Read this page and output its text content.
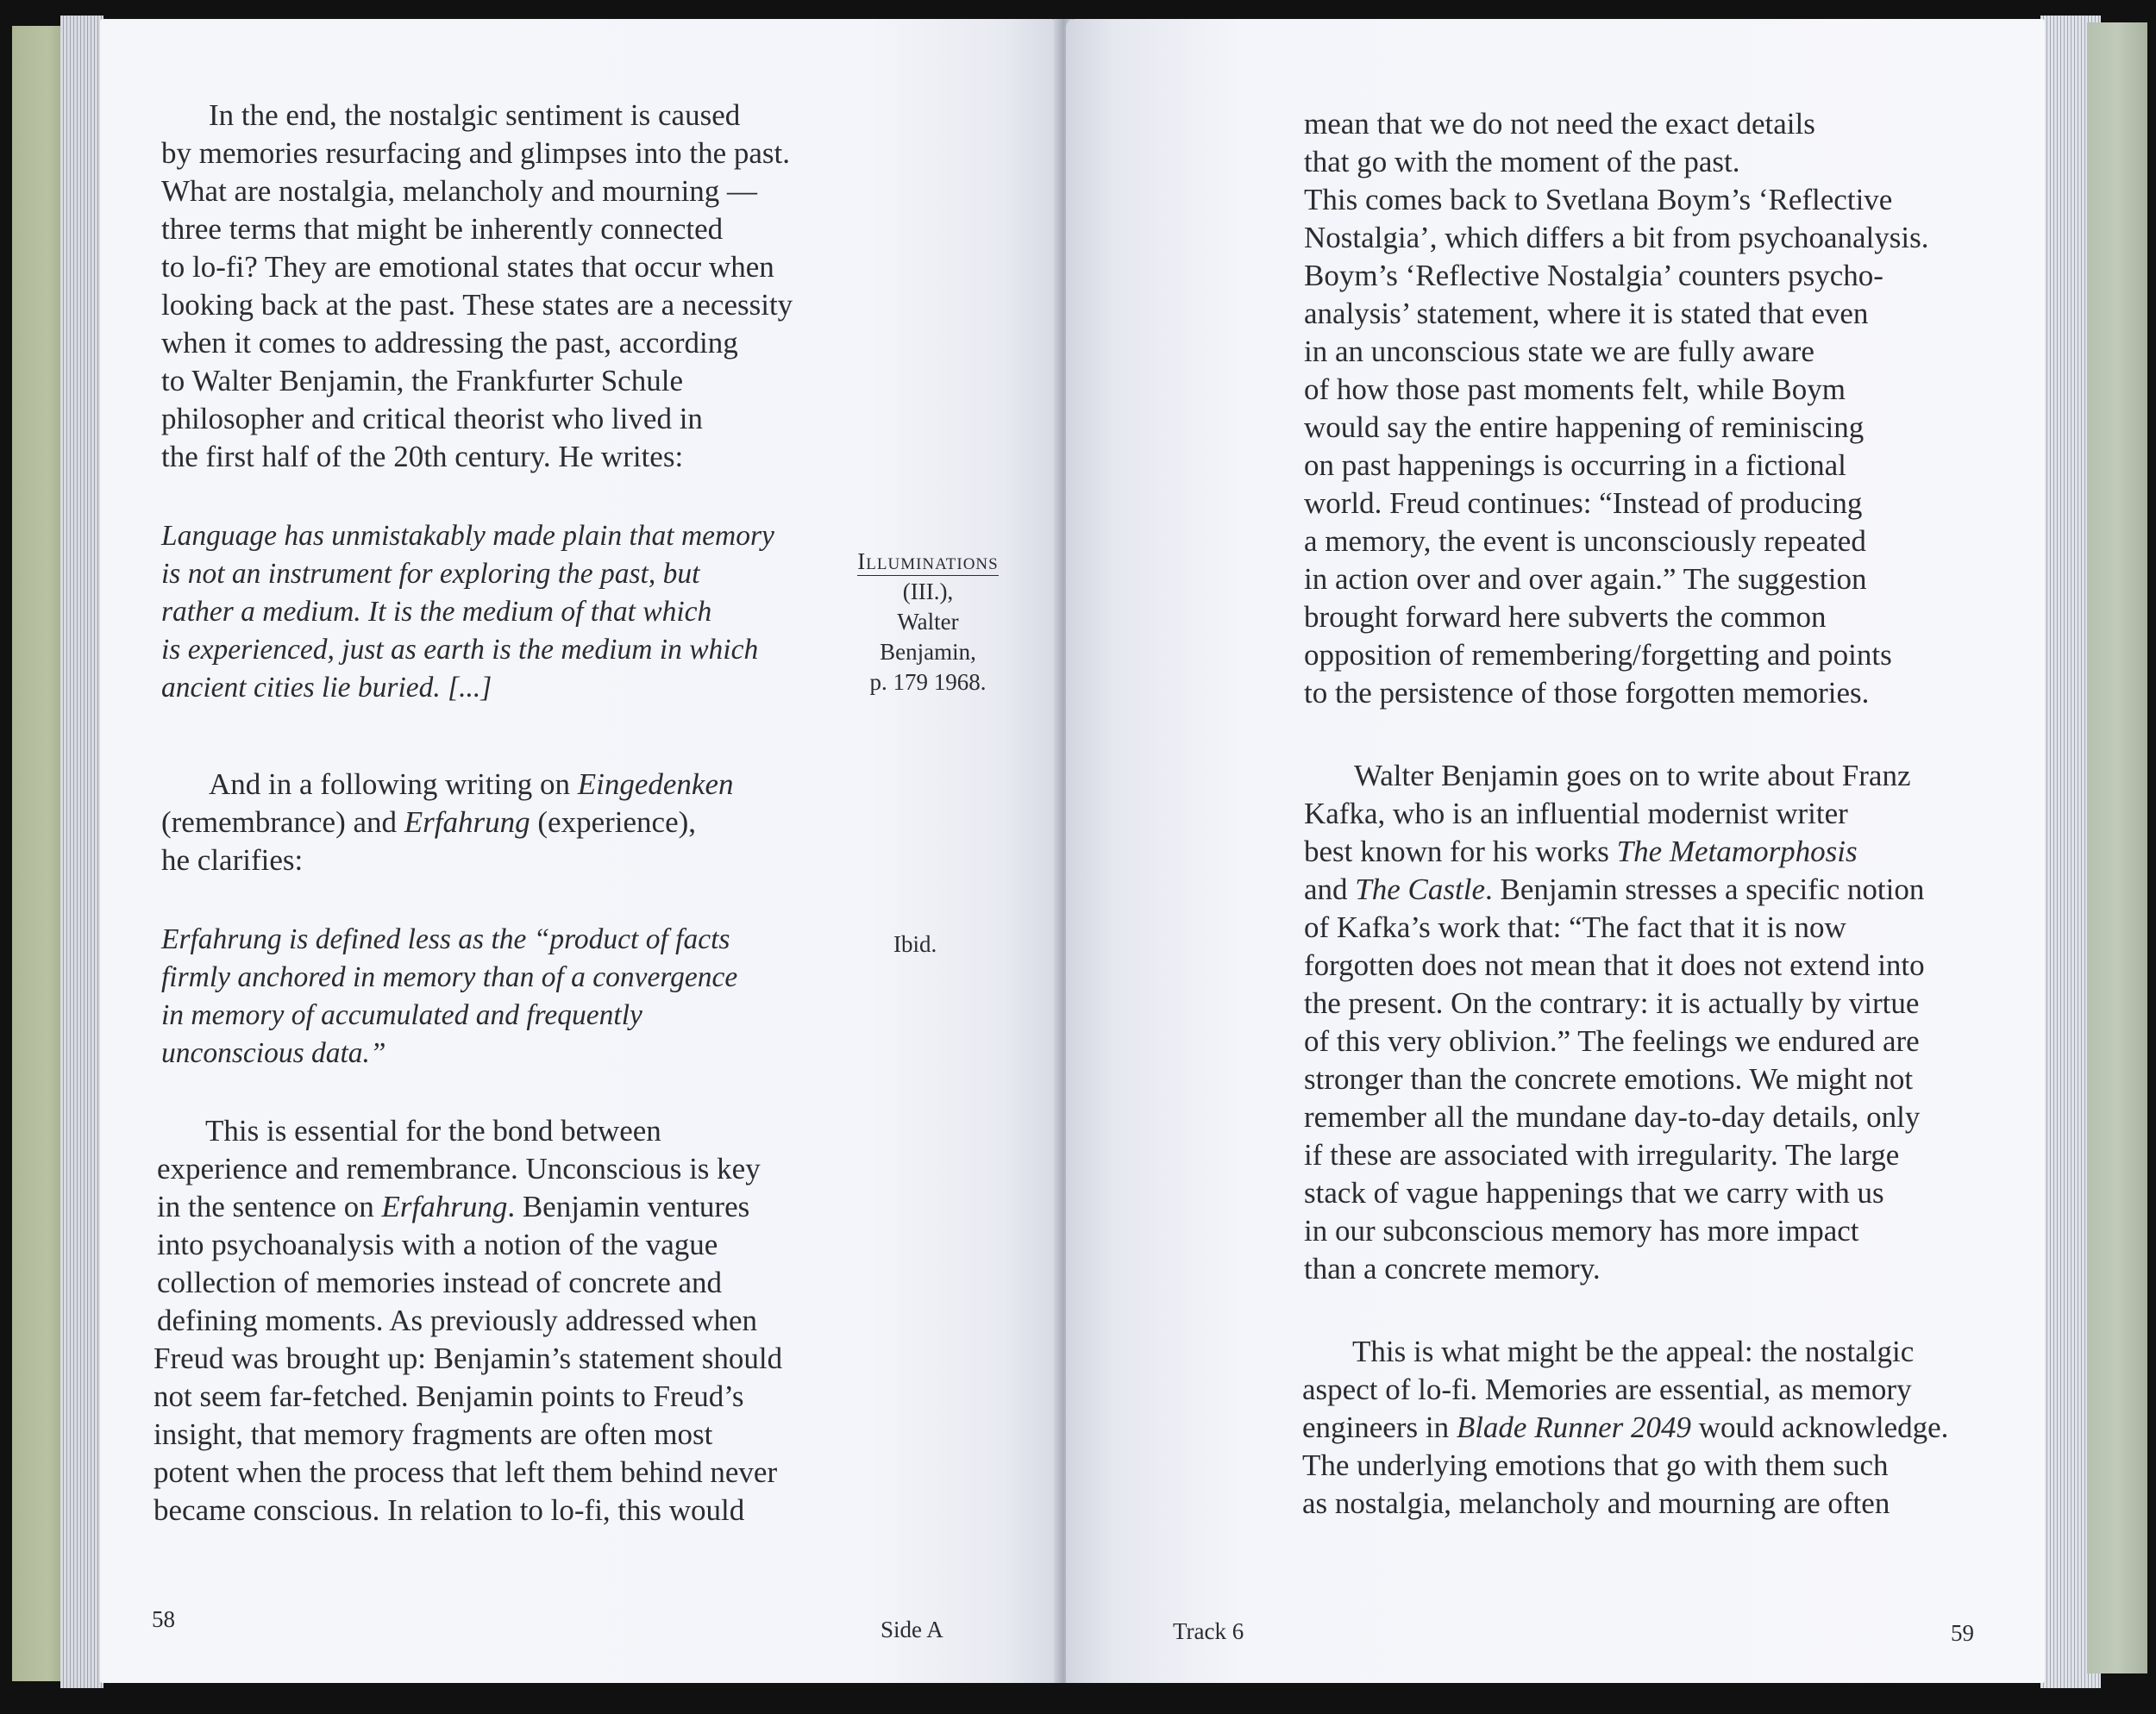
In the end, the nostalgic sentiment is caused
by memories resurfacing and glimpses into the past.
What are nostalgia, melancholy and mourning —
three terms that might be inherently connected
to lo-fi? They are emotional states that occur when
looking back at the past. These states are a necessity
when it comes to addressing the past, according
to Walter Benjamin, the Frankfurter Schule
philosopher and critical theorist who lived in
the first half of the 20th century. He writes:
Language has unmistakably made plain that memory
is not an instrument for exploring the past, but
rather a medium. It is the medium of that which
is experienced, just as earth is the medium in which
ancient cities lie buried. [...]
And in a following writing on Eingedenken
(remembrance) and Erfahrung (experience),
he clarifies:
Erfahrung is defined less as the “product of facts
firmly anchored in memory than of a convergence
in memory of accumulated and frequently
unconscious data.”
This is essential for the bond between
experience and remembrance. Unconscious is key
in the sentence on Erfahrung. Benjamin ventures
into psychoanalysis with a notion of the vague
collection of memories instead of concrete and
defining moments. As previously addressed when
Freud was brought up: Benjamin’s statement should
not seem far-fetched. Benjamin points to Freud’s
insight, that memory fragments are often most
potent when the process that left them behind never
became conscious. In relation to lo-fi, this would
Illuminations
(III.),
Walter
Benjamin,
p. 179 1968.
Ibid.
58	Side A
mean that we do not need the exact details
that go with the moment of the past.
This comes back to Svetlana Boym’s ‘Reflective
Nostalgia’, which differs a bit from psychoanalysis.
Boym’s ‘Reflective Nostalgia’ counters psycho-
analysis’ statement, where it is stated that even
in an unconscious state we are fully aware
of how those past moments felt, while Boym
would say the entire happening of reminiscing
on past happenings is occurring in a fictional
world. Freud continues: “Instead of producing
a memory, the event is unconsciously repeated
in action over and over again.” The suggestion
brought forward here subverts the common
opposition of remembering/forgetting and points
to the persistence of those forgotten memories.
Walter Benjamin goes on to write about Franz
Kafka, who is an influential modernist writer
best known for his works The Metamorphosis
and The Castle. Benjamin stresses a specific notion
of Kafka’s work that: “The fact that it is now
forgotten does not mean that it does not extend into
the present. On the contrary: it is actually by virtue
of this very oblivion.” The feelings we endured are
stronger than the concrete emotions. We might not
remember all the mundane day-to-day details, only
if these are associated with irregularity. The large
stack of vague happenings that we carry with us
in our subconscious memory has more impact
than a concrete memory.
This is what might be the appeal: the nostalgic
aspect of lo-fi. Memories are essential, as memory
engineers in Blade Runner 2049 would acknowledge.
The underlying emotions that go with them such
as nostalgia, melancholy and mourning are often
Track 6	59
